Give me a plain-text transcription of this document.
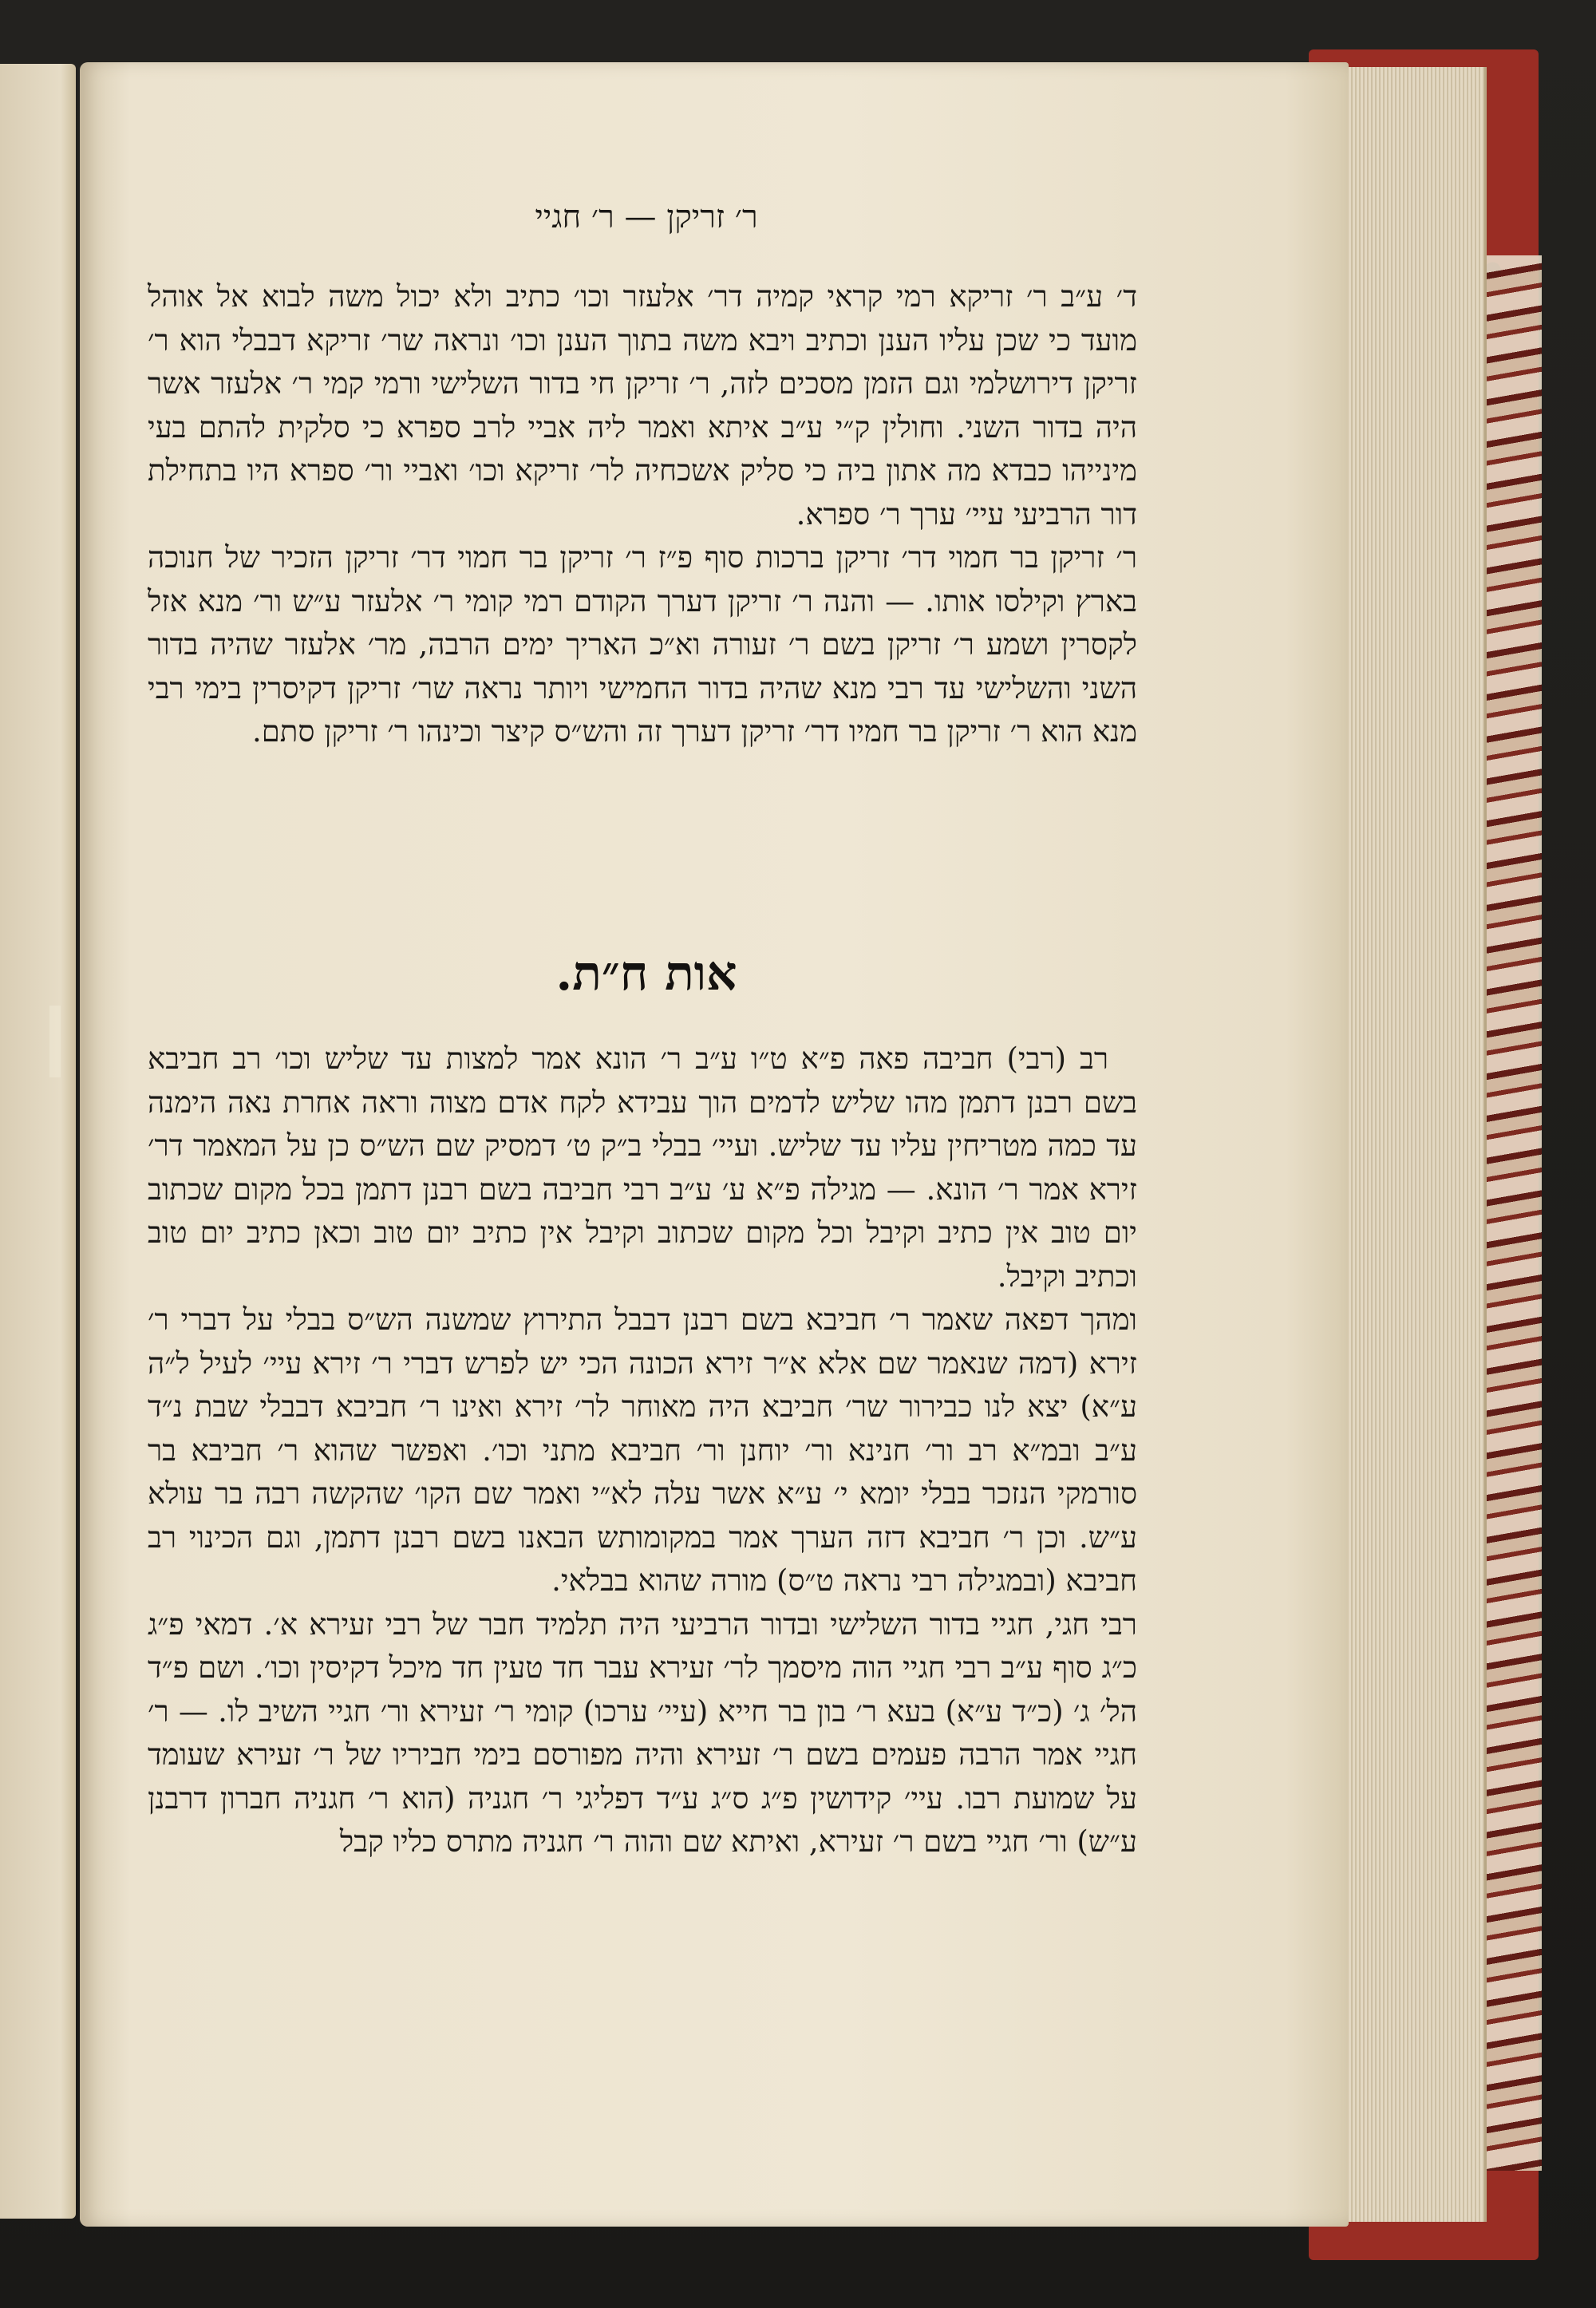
ר׳ זריקן — ר׳ חגיי

ד׳ ע״ב ר׳ זריקא רמי קראי קמיה דר׳ אלעזר וכו׳ כתיב ולא יכול משה לבוא אל אוהל מועד כי שכן עליו הענן וכתיב ויבא משה בתוך הענן וכו׳ ונראה שר׳ זריקא דבבלי הוא ר׳ זריקן דירושלמי וגם הזמן מסכים לזה, ר׳ זריקן חי בדור השלישי ורמי קמי ר׳ אלעזר אשר היה בדור השני. וחולין ק״י ע״ב איתא ואמר ליה אביי לרב ספרא כי סלקית להתם בעי מינייהו כבדא מה אתון ביה כי סליק אשכחיה לר׳ זריקא וכו׳ ואביי ור׳ ספרא היו בתחילת דור הרביעי עיי׳ ערך ר׳ ספרא.

ר׳ זריקן בר חמוי דר׳ זריקן ברכות סוף פ״ז ר׳ זריקן בר חמוי דר׳ זריקן הזכיר של חנוכה בארץ וקילסו אותו. — והנה ר׳ זריקן דערך הקודם רמי קומי ר׳ אלעזר ע״ש ור׳ מנא אזל לקסרין ושמע ר׳ זריקן בשם ר׳ זעורה וא״כ האריך ימים הרבה, מר׳ אלעזר שהיה בדור השני והשלישי עד רבי מנא שהיה בדור החמישי ויותר נראה שר׳ זריקן דקיסרין בימי רבי מנא הוא ר׳ זריקן בר חמיו דר׳ זריקן דערך זה והש״ס קיצר וכינהו ר׳ זריקן סתם.

אות ח״ת.

רב (רבי) חביבה פאה פ״א ט״ו ע״ב ר׳ הונא אמר למצות עד שליש וכו׳ רב חביבא בשם רבנן דתמן מהו שליש לדמים הוך עבידא לקח אדם מצוה וראה אחרת נאה הימנה עד כמה מטריחין עליו עד שליש. ועיי׳ בבלי ב״ק ט׳ דמסיק שם הש״ס כן על המאמר דר׳ זירא אמר ר׳ הונא. — מגילה פ״א ע׳ ע״ב רבי חביבה בשם רבנן דתמן בכל מקום שכתוב יום טוב אין כתיב וקיבל וכל מקום שכתוב וקיבל אין כתיב יום טוב וכאן כתיב יום טוב וכתיב וקיבל.

ומהך דפאה שאמר ר׳ חביבא בשם רבנן דבבל התירוץ שמשנה הש״ס בבלי על דברי ר׳ זירא (דמה שנאמר שם אלא א״ר זירא הכונה הכי יש לפרש דברי ר׳ זירא עיי׳ לעיל ל״ה ע״א) יצא לנו כבירור שר׳ חביבא היה מאוחר לר׳ זירא ואינו ר׳ חביבא דבבלי שבת נ״ד ע״ב ובמ״א רב ור׳ חנינא ור׳ יוחנן ור׳ חביבא מתני וכו׳. ואפשר שהוא ר׳ חביבא בר סורמקי הנזכר בבלי יומא י׳ ע״א אשר עלה לא״י ואמר שם הקו׳ שהקשה רבה בר עולא ע״ש. וכן ר׳ חביבא דזה הערך אמר במקומותש הבאנו בשם רבנן דתמן, וגם הכינוי רב חביבא (ובמגילה רבי נראה ט״ס) מורה שהוא בבלאי.

רבי חגי, חגיי בדור השלישי ובדור הרביעי היה תלמיד חבר של רבי זעירא א׳. דמאי פ״ג כ״ג סוף ע״ב רבי חגיי הוה מיסמך לר׳ זעירא עבר חד טעין חד מיכל דקיסין וכו׳. ושם פ״ד הל׳ ג׳ (כ״ד ע״א) בעא ר׳ בון בר חייא (עיי׳ ערכו) קומי ר׳ זעירא ור׳ חגיי השיב לו. — ר׳ חגיי אמר הרבה פעמים בשם ר׳ זעירא והיה מפורסם בימי חביריו של ר׳ זעירא שעומד על שמועת רבו. עיי׳ קידושין פ״ג ס״ג ע״ד דפליגי ר׳ חגניה (הוא ר׳ חגניה חברון דרבנן ע״ש) ור׳ חגיי בשם ר׳ זעירא, ואיתא שם והוה ר׳ חגניה מתרס כליו קבל
